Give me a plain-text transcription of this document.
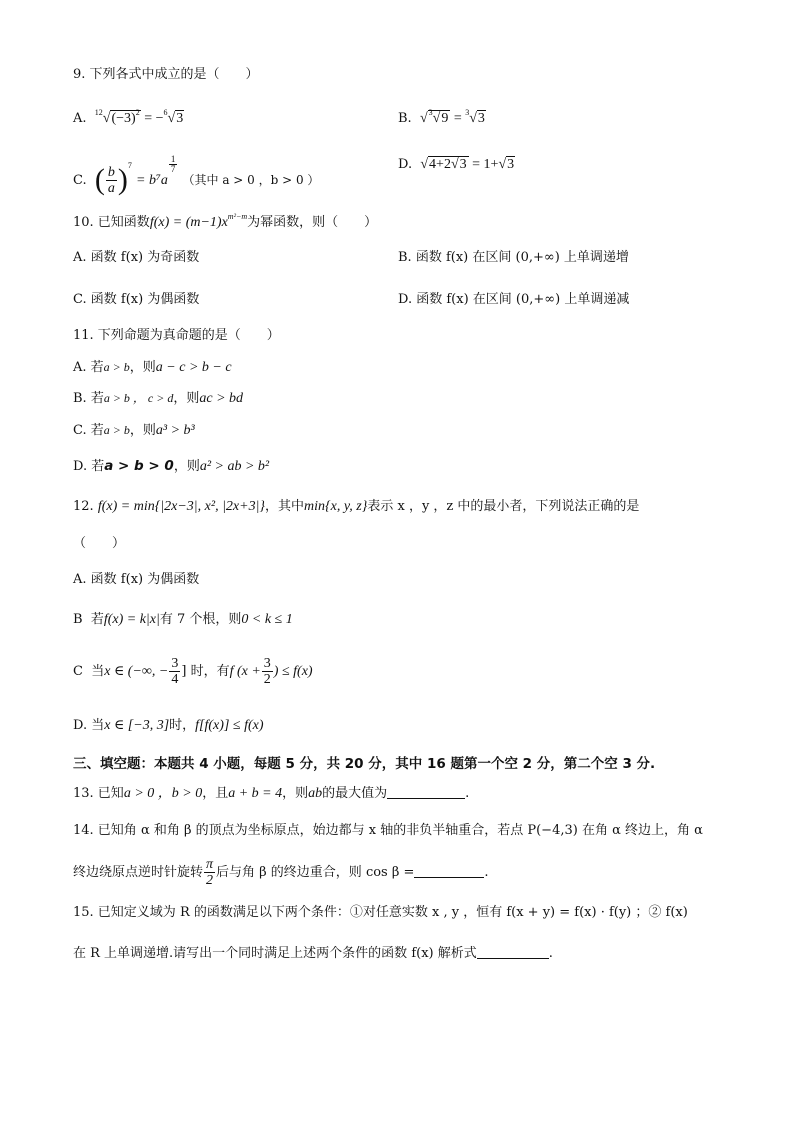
9. 下列各式中成立的是（　　）
A. $^{12}√(-3)^2 = -^6√3$	B. √$^3$√9 = $^3$√3
C. ( $\frac{b}{a} )^7 = b^7a$
$\frac{1}{7}$
（其中 a > 0 ，b > 0 ）
D. √4+2√3 = 1+√3
10. 已知函数$f(x) = (m-1)x^{m^2-m}$为幂函数，则（　　）
A. 函数 f(x) 为奇函数	B. 函数 f(x) 在区间 (0,+∞) 上单调递增
C. 函数 f(x) 为偶函数	D. 函数 f(x) 在区间 (0,+∞) 上单调递减
11. 下列命题为真命题的是（　　）
A. 若a > b，则a − c > b − c
B. 若a > b ， c > d，则ac > bd
C. 若a > b，则a³ > b³
D. 若a > b > 0，则a² > ab > b²
12. f(x) = min{|2x−3|, x², |2x+3|}，其中min{x, y, z}表示 x ，y ，z 中的最小者，下列说法正确的是
（　　）
A. 函数 f(x) 为偶函数
B 若f(x) = k|x|有 7 个根，则0 < k ≤ 1
C 当x ∈ (−∞, − $\frac{3}{4}$ ] 时，有f ($x + \frac{3}{2}$ ) ≤ f(x)
D. 当x ∈ [−3, 3]时，f[f(x)] ≤ f(x)
三、填空题：本题共 4 小题，每题 5 分，共 20 分，其中 16 题第一个空 2 分，第二个空 3 分.
13. 已知a > 0 ，b > 0，且a + b = 4，则ab的最大值为	.
14. 已知角 α 和角 β 的顶点为坐标原点，始边都与 x 轴的非负半轴重合，若点 P(−4,3) 在角 α 终边上，角 α
终边绕原点逆时针旋转 $\frac{\pi}{2}$ 后与角 β 的终边重合，则 cos β =	.
15. 已知定义域为 R 的函数满足以下两个条件：①对任意实数 x , y ，恒有 f(x + y) = f(x) · f(y) ；② f(x)
在 R 上单调递增.请写出一个同时满足上述两个条件的函数 f(x) 解析式	.
